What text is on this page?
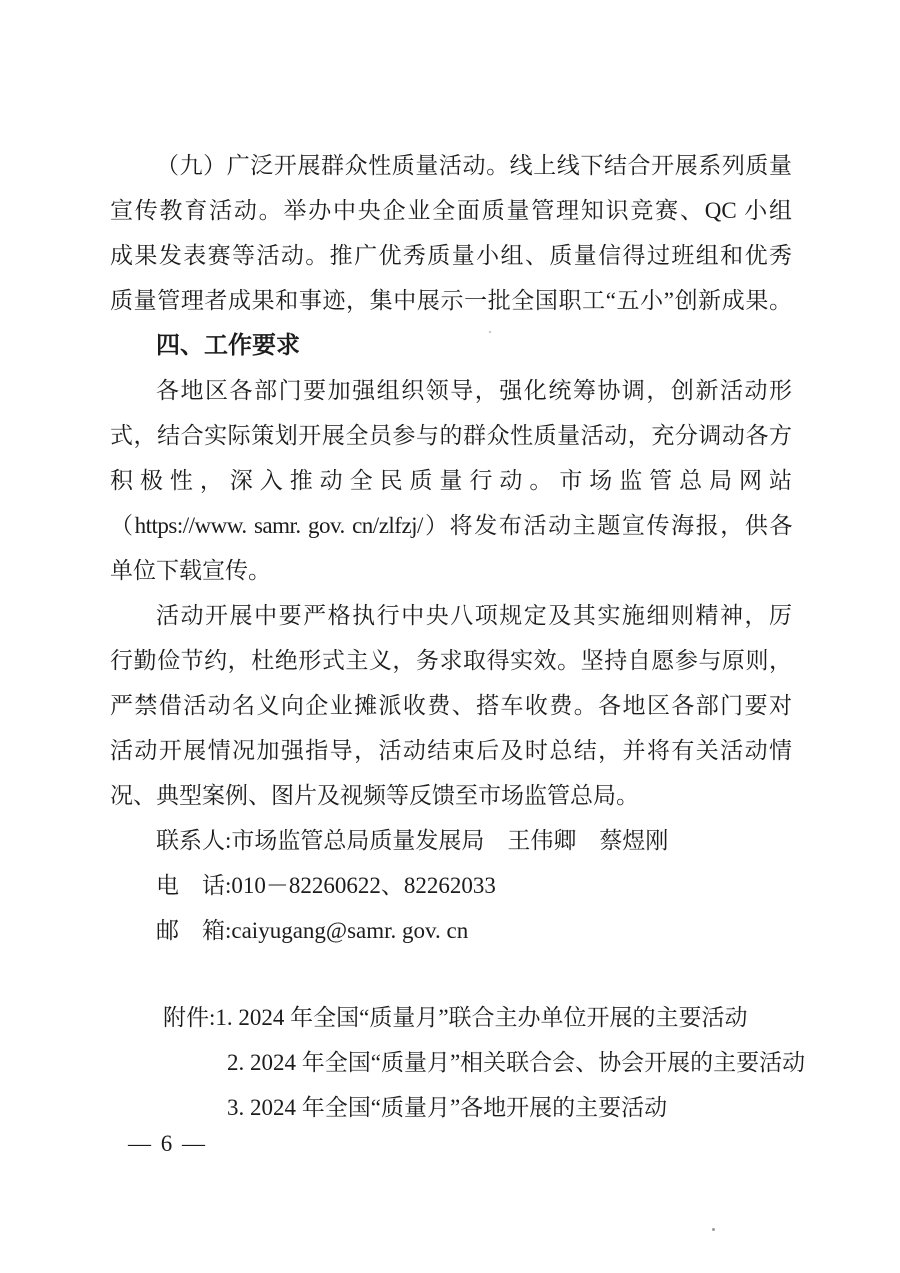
（九）广泛开展群众性质量活动。线上线下结合开展系列质量
宣传教育活动。举办中央企业全面质量管理知识竞赛、QC 小组
成果发表赛等活动。推广优秀质量小组、质量信得过班组和优秀
质量管理者成果和事迹，集中展示一批全国职工“五小”创新成果。
四、工作要求
各地区各部门要加强组织领导，强化统筹协调，创新活动形
式，结合实际策划开展全员参与的群众性质量活动，充分调动各方
积极性，深入推动全民质量行动。市场监管总局网站
（https://www. samr. gov. cn/zlfzj/）将发布活动主题宣传海报，供各
单位下载宣传。
活动开展中要严格执行中央八项规定及其实施细则精神，厉
行勤俭节约，杜绝形式主义，务求取得实效。坚持自愿参与原则，
严禁借活动名义向企业摊派收费、搭车收费。各地区各部门要对
活动开展情况加强指导，活动结束后及时总结，并将有关活动情
况、典型案例、图片及视频等反馈至市场监管总局。
联系人:市场监管总局质量发展局　王伟卿　蔡煜刚
电　话:010－82260622、82262033
邮　箱:caiyugang@samr. gov. cn
附件:1. 2024 年全国“质量月”联合主办单位开展的主要活动
2. 2024 年全国“质量月”相关联合会、协会开展的主要活动
3. 2024 年全国“质量月”各地开展的主要活动
— 6 —
